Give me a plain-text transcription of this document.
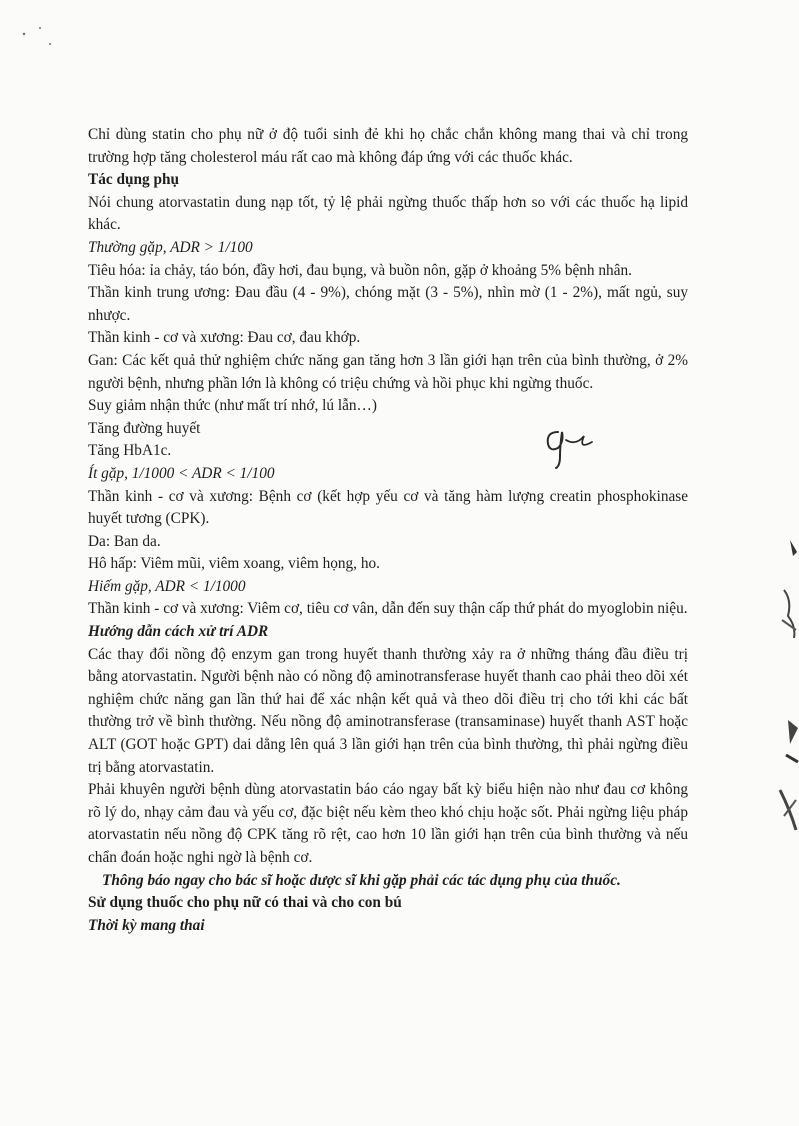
Chỉ dùng statin cho phụ nữ ở độ tuổi sinh đẻ khi họ chắc chắn không mang thai và chỉ trong trường hợp tăng cholesterol máu rất cao mà không đáp ứng với các thuốc khác.

Tác dụng phụ

Nói chung atorvastatin dung nạp tốt, tỷ lệ phải ngừng thuốc thấp hơn so với các thuốc hạ lipid khác.

Thường gặp, ADR > 1/100

Tiêu hóa: ỉa chảy, táo bón, đầy hơi, đau bụng, và buồn nôn, gặp ở khoảng 5% bệnh nhân.

Thần kinh trung ương: Đau đầu (4 - 9%), chóng mặt (3 - 5%), nhìn mờ (1 - 2%), mất ngủ, suy nhược.

Thần kinh - cơ và xương: Đau cơ, đau khớp.

Gan: Các kết quả thử nghiệm chức năng gan tăng hơn 3 lần giới hạn trên của bình thường, ở 2% người bệnh, nhưng phần lớn là không có triệu chứng và hồi phục khi ngừng thuốc.

Suy giảm nhận thức (như mất trí nhớ, lú lẫn…)

Tăng đường huyết

Tăng HbA1c.

Ít gặp, 1/1000 < ADR < 1/100

Thần kinh - cơ và xương: Bệnh cơ (kết hợp yếu cơ và tăng hàm lượng creatin phosphokinase huyết tương (CPK).

Da: Ban da.

Hô hấp: Viêm mũi, viêm xoang, viêm họng, ho.

Hiếm gặp, ADR < 1/1000

Thần kinh - cơ và xương: Viêm cơ, tiêu cơ vân, dẫn đến suy thận cấp thứ phát do myoglobin niệu.

Hướng dẫn cách xử trí ADR

Các thay đổi nồng độ enzym gan trong huyết thanh thường xảy ra ở những tháng đầu điều trị bằng atorvastatin. Người bệnh nào có nồng độ aminotransferase huyết thanh cao phải theo dõi xét nghiệm chức năng gan lần thứ hai để xác nhận kết quả và theo dõi điều trị cho tới khi các bất thường trở về bình thường. Nếu nồng độ aminotransferase (transaminase) huyết thanh AST hoặc ALT (GOT hoặc GPT) dai dẳng lên quá 3 lần giới hạn trên của bình thường, thì phải ngừng điều trị bằng atorvastatin.

Phải khuyên người bệnh dùng atorvastatin báo cáo ngay bất kỳ biểu hiện nào như đau cơ không rõ lý do, nhạy cảm đau và yếu cơ, đặc biệt nếu kèm theo khó chịu hoặc sốt. Phải ngừng liệu pháp atorvastatin nếu nồng độ CPK tăng rõ rệt, cao hơn 10 lần giới hạn trên của bình thường và nếu chẩn đoán hoặc nghi ngờ là bệnh cơ.

Thông báo ngay cho bác sĩ hoặc dược sĩ khi gặp phải các tác dụng phụ của thuốc.

Sử dụng thuốc cho phụ nữ có thai và cho con bú

Thời kỳ mang thai
